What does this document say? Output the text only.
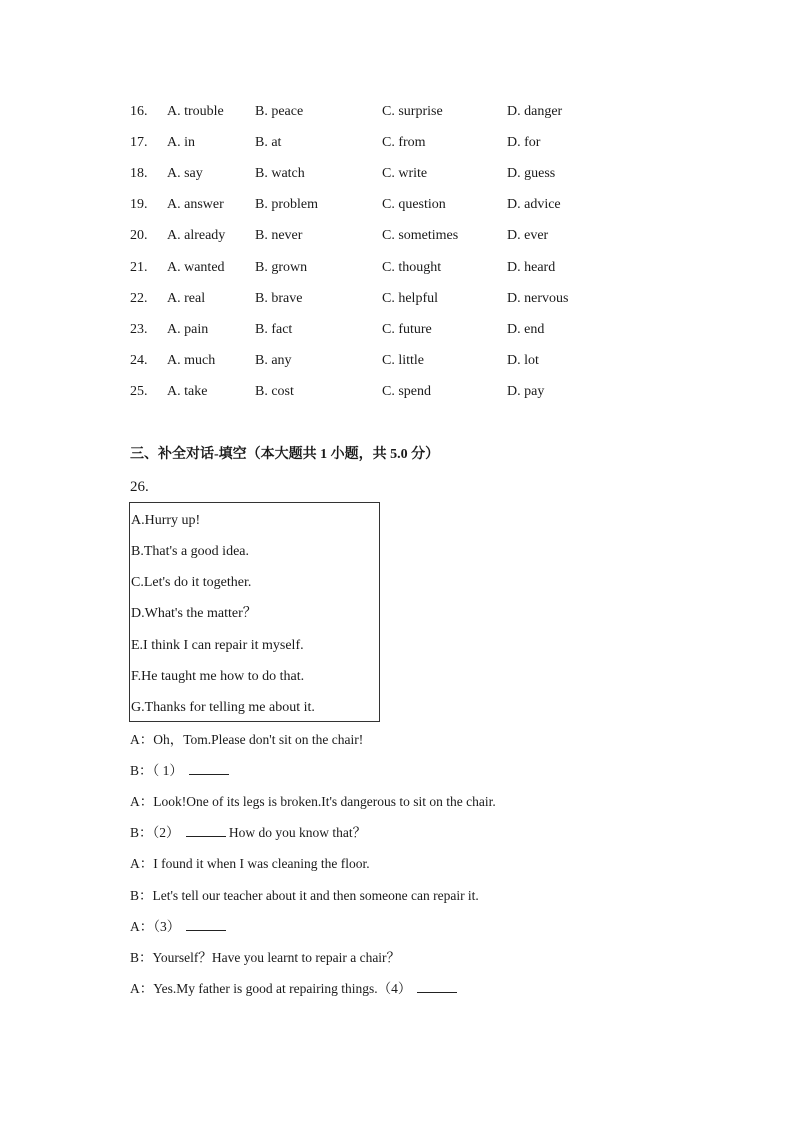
16. A. trouble B. peace	C. surprise	D. danger
17. A. in	B. at	C. from	D. for
18. A. say	B. watch	C. write	D. guess
19. A. answer B. problem	C. question	D. advice
20. A. already B. never	C. sometimes	D. ever
21. A. wanted B. grown	C. thought	D. heard
22. A. real	B. brave	C. helpful	D. nervous
23. A. pain	B. fact	C. future	D. end
24. A. much	B. any	C. little	D. lot
25. A. take	B. cost	C. spend	D. pay
三、补全对话-填空（本大题共 1 小题，共 5.0 分）
26.
A.Hurry up!
B.That's a good idea.
C.Let's do it together.
D.What's the matter？
E.I think I can repair it myself.
F.He taught me how to do that.
G.Thanks for telling me about it.
A：Oh，Tom.Please don't sit on the chair!
B：（ 1）
A：Look!One of its legs is broken.It's dangerous to sit on the chair.
B：（2）	How do you know that？
A：I found it when I was cleaning the floor.
B：Let's tell our teacher about it and then someone can repair it.
A：（3）
B：Yourself？Have you learnt to repair a chair？
A：Yes.My father is good at repairing things.（4）
